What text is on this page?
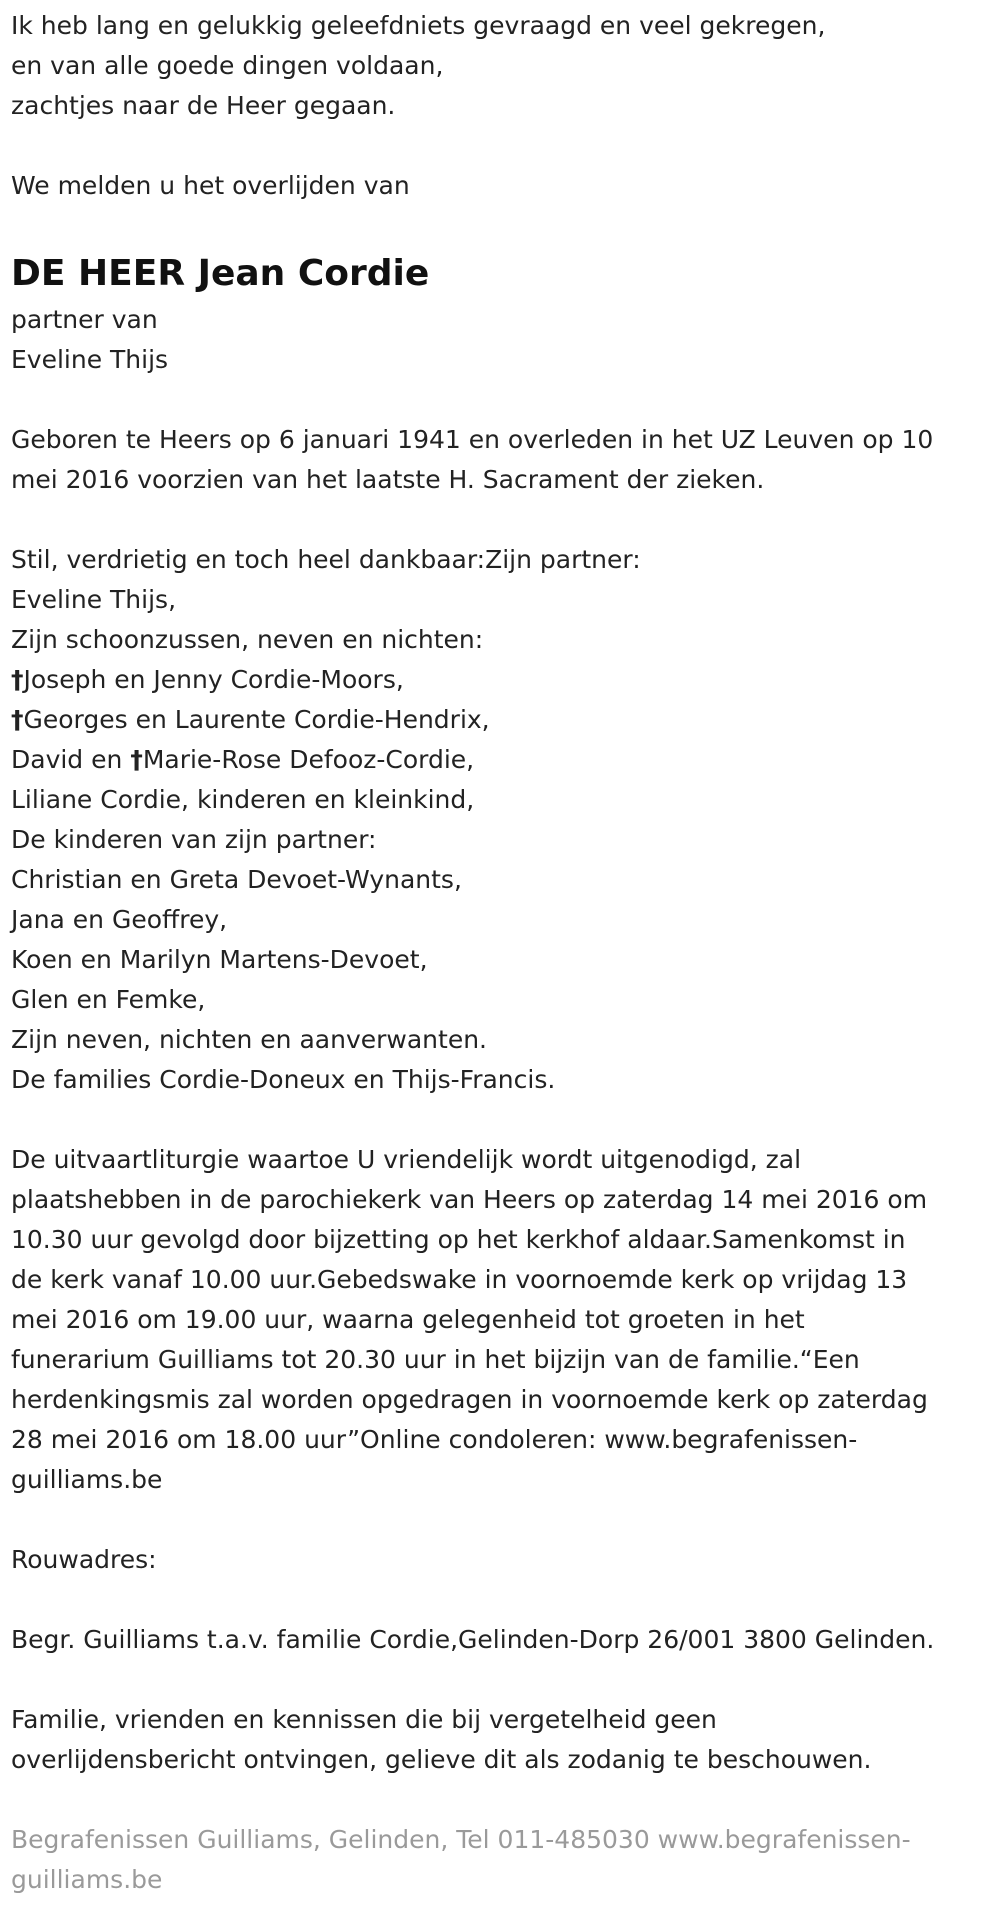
Ik heb lang en gelukkig geleefdniets gevraagd en veel gekregen,
en van alle goede dingen voldaan,
zachtjes naar de Heer gegaan.
We melden u het overlijden van
DE HEER Jean Cordie
partner van
Eveline Thijs
Geboren te Heers op 6 januari 1941 en overleden in het UZ Leuven op 10
mei 2016 voorzien van het laatste H. Sacrament der zieken.
Stil, verdrietig en toch heel dankbaar:Zijn partner:
Eveline Thijs,
Zijn schoonzussen, neven en nichten:
†Joseph en Jenny Cordie-Moors,
†Georges en Laurente Cordie-Hendrix,
David en †Marie-Rose Defooz-Cordie,
Liliane Cordie, kinderen en kleinkind,
De kinderen van zijn partner:
Christian en Greta Devoet-Wynants,
Jana en Geoffrey,
Koen en Marilyn Martens-Devoet,
Glen en Femke,
Zijn neven, nichten en aanverwanten.
De families Cordie-Doneux en Thijs-Francis.
De uitvaartliturgie waartoe U vriendelijk wordt uitgenodigd, zal
plaatshebben in de parochiekerk van Heers op zaterdag 14 mei 2016 om
10.30 uur gevolgd door bijzetting op het kerkhof aldaar.Samenkomst in
de kerk vanaf 10.00 uur.Gebedswake in voornoemde kerk op vrijdag 13
mei 2016 om 19.00 uur, waarna gelegenheid tot groeten in het
funerarium Guilliams tot 20.30 uur in het bijzijn van de familie.“Een
herdenkingsmis zal worden opgedragen in voornoemde kerk op zaterdag
28 mei 2016 om 18.00 uur”Online condoleren: www.begrafenissen-
guilliams.be
Rouwadres:
Begr. Guilliams t.a.v. familie Cordie,Gelinden-Dorp 26/001 3800 Gelinden.
Familie, vrienden en kennissen die bij vergetelheid geen
overlijdensbericht ontvingen, gelieve dit als zodanig te beschouwen.
Begrafenissen Guilliams, Gelinden, Tel 011-485030 www.begrafenissen-
guilliams.be
